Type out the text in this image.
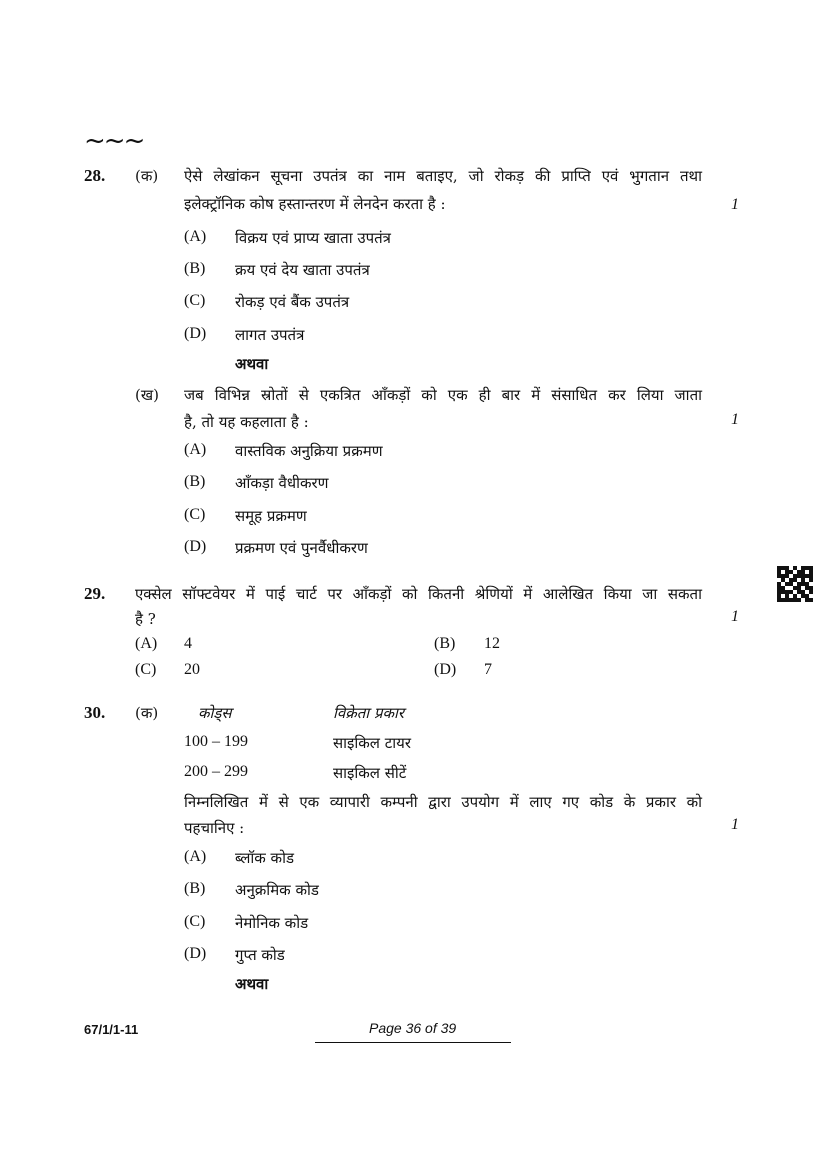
~~~
28. (क) ऐसे लेखांकन सूचना उपतंत्र का नाम बताइए, जो रोकड़ की प्राप्ति एवं भुगतान तथा
इलेक्ट्रॉनिक कोष हस्तान्तरण में लेनदेन करता है :	1
(A) विक्रय एवं प्राप्य खाता उपतंत्र
(B) क्रय एवं देय खाता उपतंत्र
(C) रोकड़ एवं बैंक उपतंत्र
(D) लागत उपतंत्र
अथवा
(ख) जब विभिन्न स्रोतों से एकत्रित आँकड़ों को एक ही बार में संसाधित कर लिया जाता
है, तो यह कहलाता है :	1
(A) वास्तविक अनुक्रिया प्रक्रमण
(B) आँकड़ा वैधीकरण
(C) समूह प्रक्रमण
(D) प्रक्रमण एवं पुनर्वैधीकरण
29. एक्सेल सॉफ्टवेयर में पाई चार्ट पर आँकड़ों को कितनी श्रेणियों में आलेखित किया जा सकता
है ?	1
(A) 4	(B) 12
(C) 20	(D) 7
30. (क)	कोड्स	विक्रेता प्रकार
100 – 199	साइकिल टायर
200 – 299	साइकिल सीटें
निम्नलिखित में से एक व्यापारी कम्पनी द्वारा उपयोग में लाए गए कोड के प्रकार को
पहचानिए :	1
(A) ब्लॉक कोड
(B) अनुक्रमिक कोड
(C) नेमोनिक कोड
(D) गुप्त कोड
अथवा
67/1/1-11	Page 36 of 39
